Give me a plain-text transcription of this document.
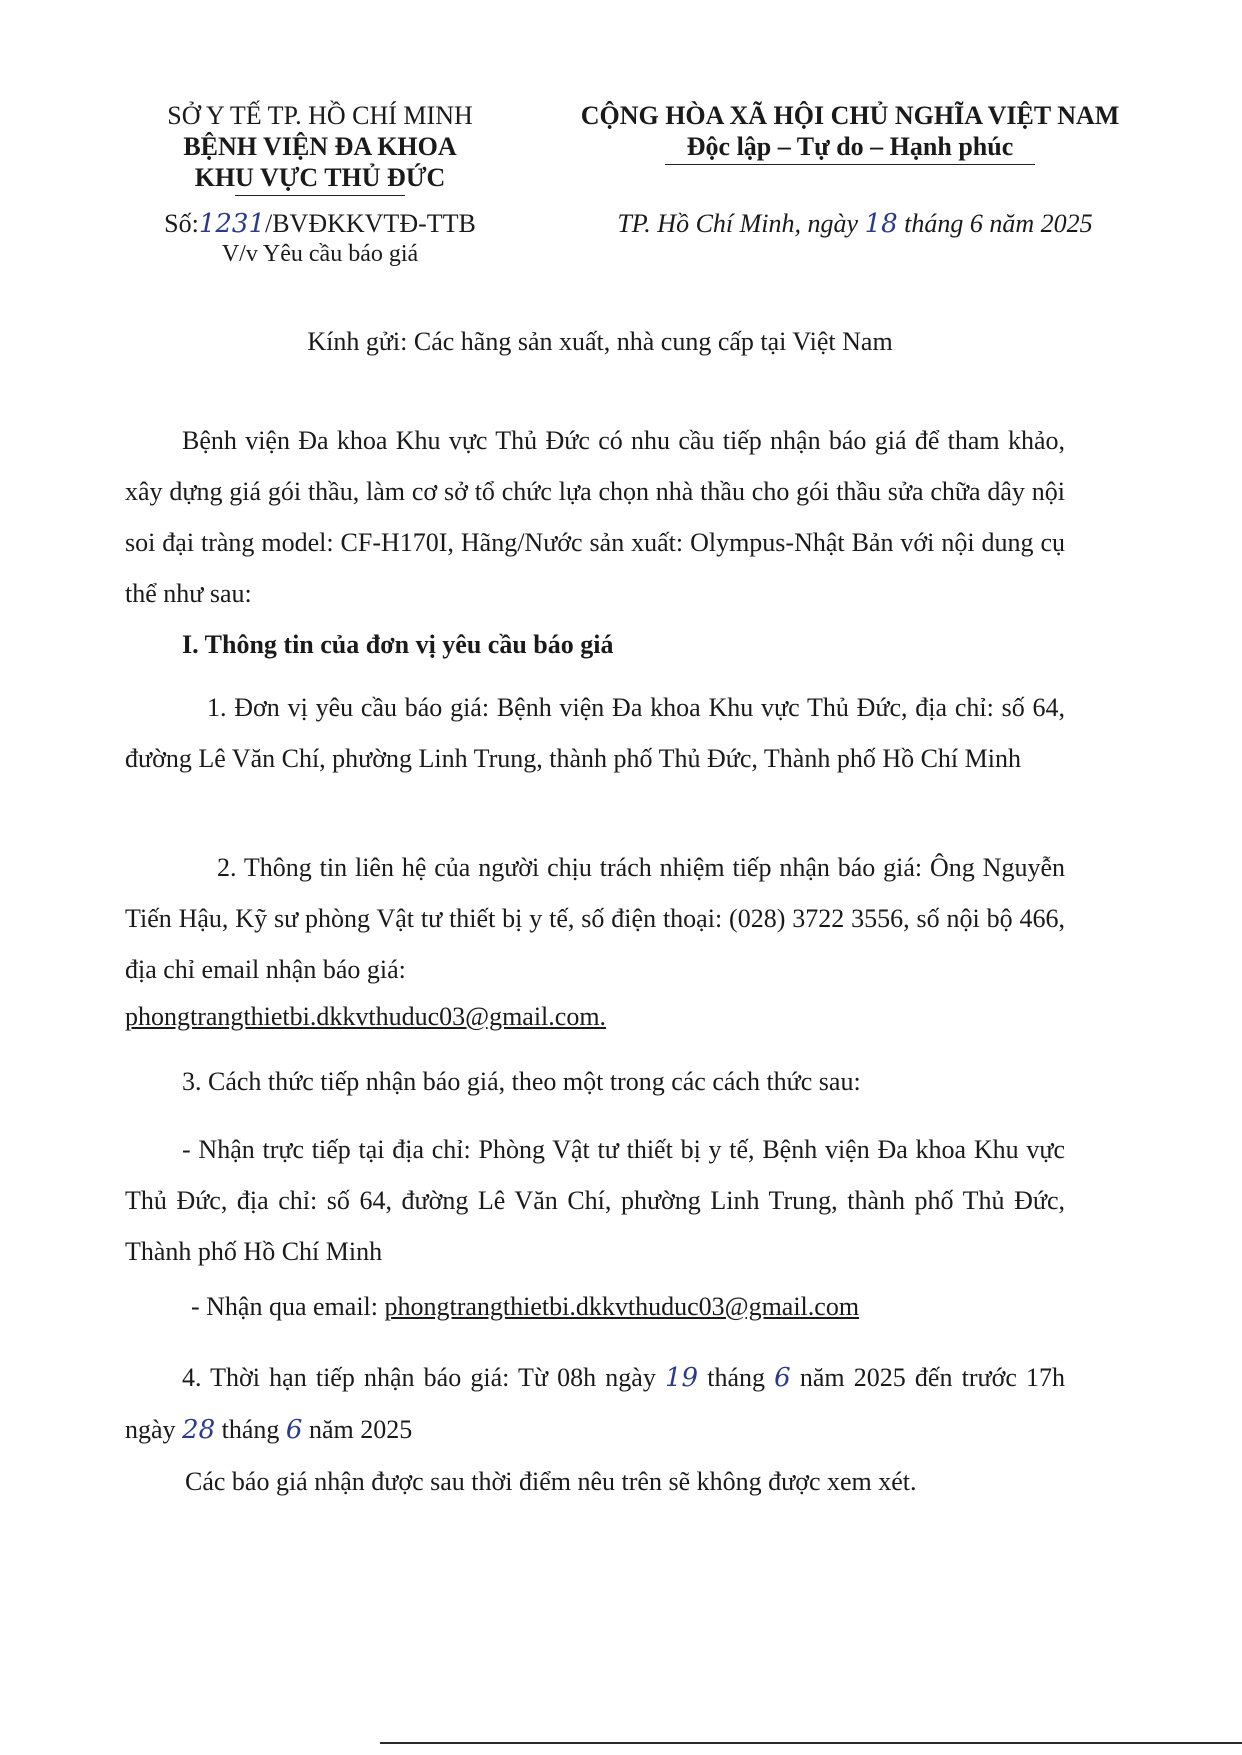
SỞ Y TẾ TP. HỒ CHÍ MINH
BỆNH VIỆN ĐA KHOA
KHU VỰC THỦ ĐỨC
CỘNG HÒA XÃ HỘI CHỦ NGHĨA VIỆT NAM
Độc lập – Tự do – Hạnh phúc
Số:1231/BVĐKKVTĐ-TTB
V/v Yêu cầu báo giá
TP. Hồ Chí Minh, ngày 18 tháng 6 năm 2025
Kính gửi: Các hãng sản xuất, nhà cung cấp tại Việt Nam
Bệnh viện Đa khoa Khu vực Thủ Đức có nhu cầu tiếp nhận báo giá để tham khảo, xây dựng giá gói thầu, làm cơ sở tổ chức lựa chọn nhà thầu cho gói thầu sửa chữa dây nội soi đại tràng model: CF-H170I, Hãng/Nước sản xuất: Olympus-Nhật Bản với nội dung cụ thể như sau:
I. Thông tin của đơn vị yêu cầu báo giá
1. Đơn vị yêu cầu báo giá: Bệnh viện Đa khoa Khu vực Thủ Đức, địa chỉ: số 64, đường Lê Văn Chí, phường Linh Trung, thành phố Thủ Đức, Thành phố Hồ Chí Minh
2. Thông tin liên hệ của người chịu trách nhiệm tiếp nhận báo giá: Ông Nguyễn Tiến Hậu, Kỹ sư phòng Vật tư thiết bị y tế, số điện thoại: (028) 3722 3556, số nội bộ 466, địa chỉ email nhận báo giá:
phongtrangthietbi.dkkvthuduc03@gmail.com.
3. Cách thức tiếp nhận báo giá, theo một trong các cách thức sau:
- Nhận trực tiếp tại địa chỉ: Phòng Vật tư thiết bị y tế, Bệnh viện Đa khoa Khu vực Thủ Đức, địa chỉ: số 64, đường Lê Văn Chí, phường Linh Trung, thành phố Thủ Đức, Thành phố Hồ Chí Minh
- Nhận qua email: phongtrangthietbi.dkkvthuduc03@gmail.com
4. Thời hạn tiếp nhận báo giá: Từ 08h ngày 19 tháng 6 năm 2025 đến trước 17h ngày 28 tháng 6 năm 2025
Các báo giá nhận được sau thời điểm nêu trên sẽ không được xem xét.
